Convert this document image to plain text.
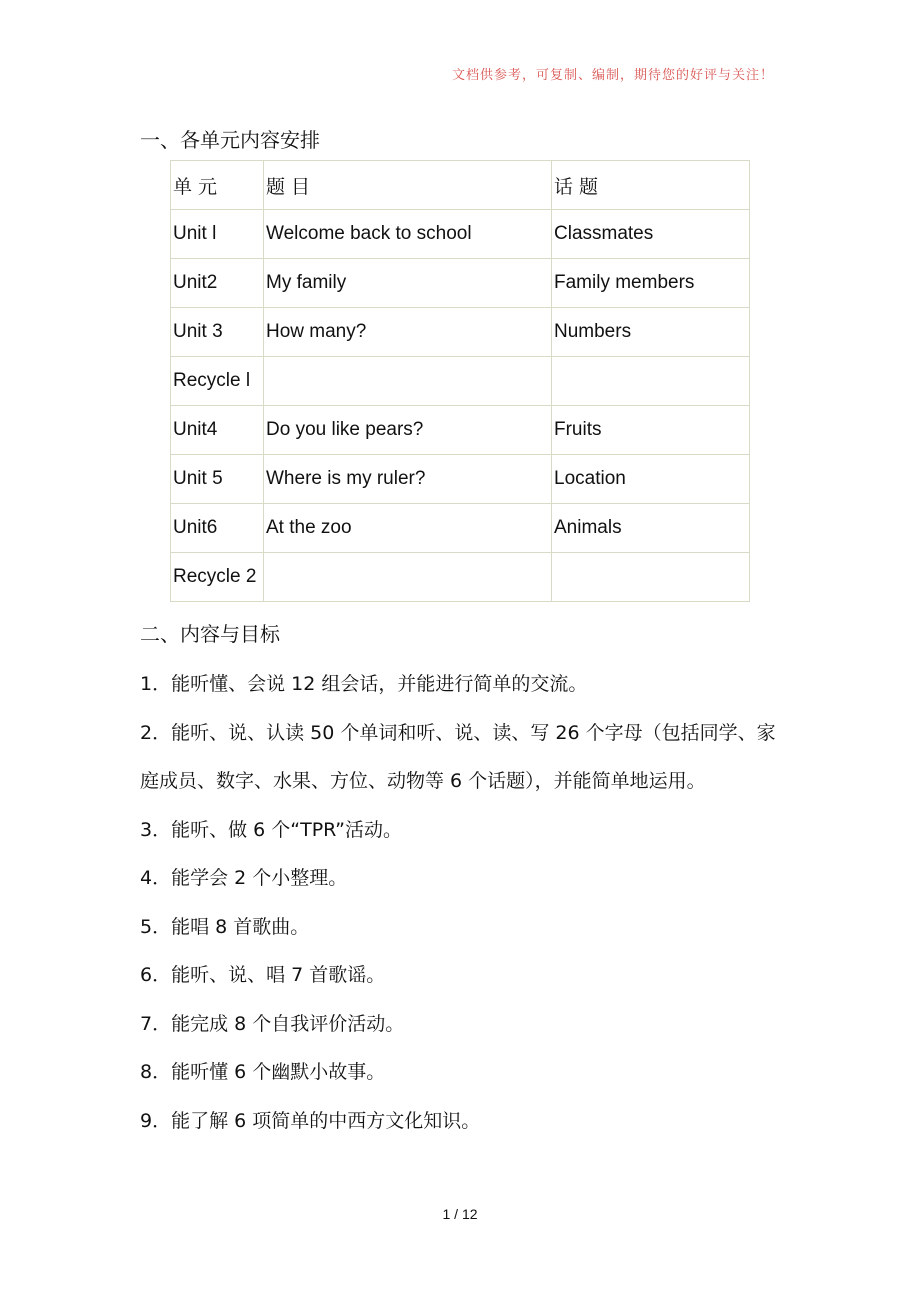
文档供参考，可复制、编制，期待您的好评与关注！
一、各单元内容安排
单元	题目	话题
Unit l	Welcome back to school	Classmates
Unit2	My family	Family members
Unit 3	How many?	Numbers
Recycle l		
Unit4	Do you like pears?	Fruits
Unit 5	Where is my ruler?	Location
Unit6	At the zoo	Animals
Recycle 2		
二、内容与目标
1．能听懂、会说 12 组会话，并能进行简单的交流。
2．能听、说、认读 50 个单词和听、说、读、写 26 个字母（包括同学、家庭成员、数字、水果、方位、动物等 6 个话题），并能简单地运用。
3．能听、做 6 个“TPR”活动。
4．能学会 2 个小整理。
5．能唱 8 首歌曲。
6．能听、说、唱 7 首歌谣。
7．能完成 8 个自我评价活动。
8．能听懂 6 个幽默小故事。
9．能了解 6 项简单的中西方文化知识。
1 / 12
